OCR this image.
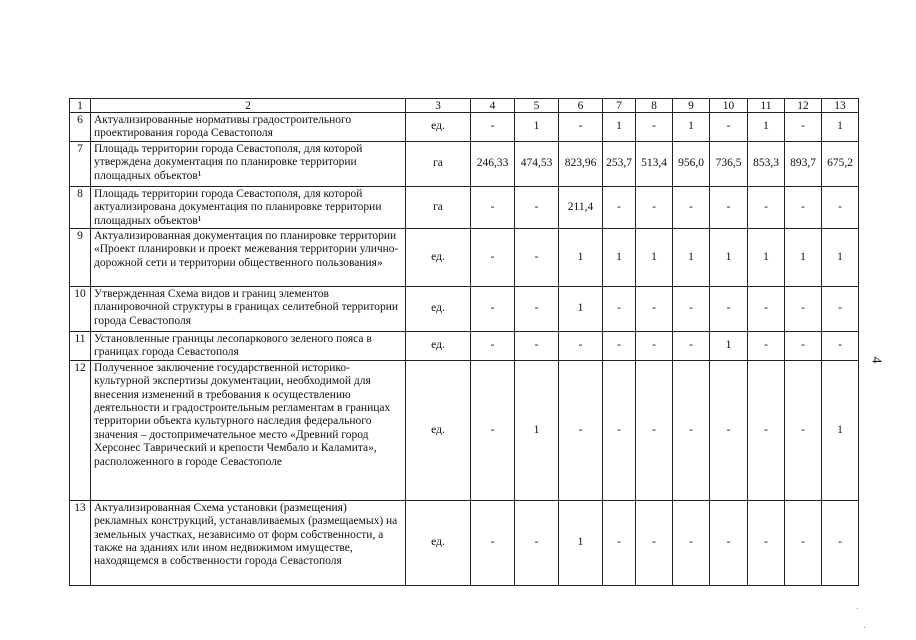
1	2	3	4	5	6	7	8	9	10	11	12	13
6	Актуализированные нормативы градостроительного проектирования города Севастополя	ед.	-	1	-	1	-	1	-	1	-	1
7	Площадь территории города Севастополя, для которой утверждена документация по планировке территории площадных объектов¹	га	246,33	474,53	823,96	253,7	513,4	956,0	736,5	853,3	893,7	675,2
8	Площадь территории города Севастополя, для которой актуализирована документация по планировке территории площадных объектов¹	га	-	-	211,4	-	-	-	-	-	-	-
9	Актуализированная документация по планировке территории «Проект планировки и проект межевания территории улично-дорожной сети и территории общественного пользования»	ед.	-	-	1	1	1	1	1	1	1	1
10	Утвержденная Схема видов и границ элементов планировочной структуры в границах селитебной территории города Севастополя	ед.	-	-	1	-	-	-	-	-	-	-
11	Установленные границы лесопаркового зеленого пояса в границах города Севастополя	ед.	-	-	-	-	-	-	1	-	-	-
12	Полученное заключение государственной историко-культурной экспертизы документации, необходимой для внесения изменений в требования к осуществлению деятельности и градостроительным регламентам в границах территории объекта культурного наследия федерального значения – достопримечательное место «Древний город Херсонес Таврический и крепости Чембало и Каламита», расположенного в городе Севастополе	ед.	-	1	-	-	-	-	-	-	-	1
13	Актуализированная Схема установки (размещения) рекламных конструкций, устанавливаемых (размещаемых) на земельных участках, независимо от форм собственности, а также на зданиях или ином недвижимом имуществе, находящемся в собственности города Севастополя	ед.	-	-	1	-	-	-	-	-	-	-
4
